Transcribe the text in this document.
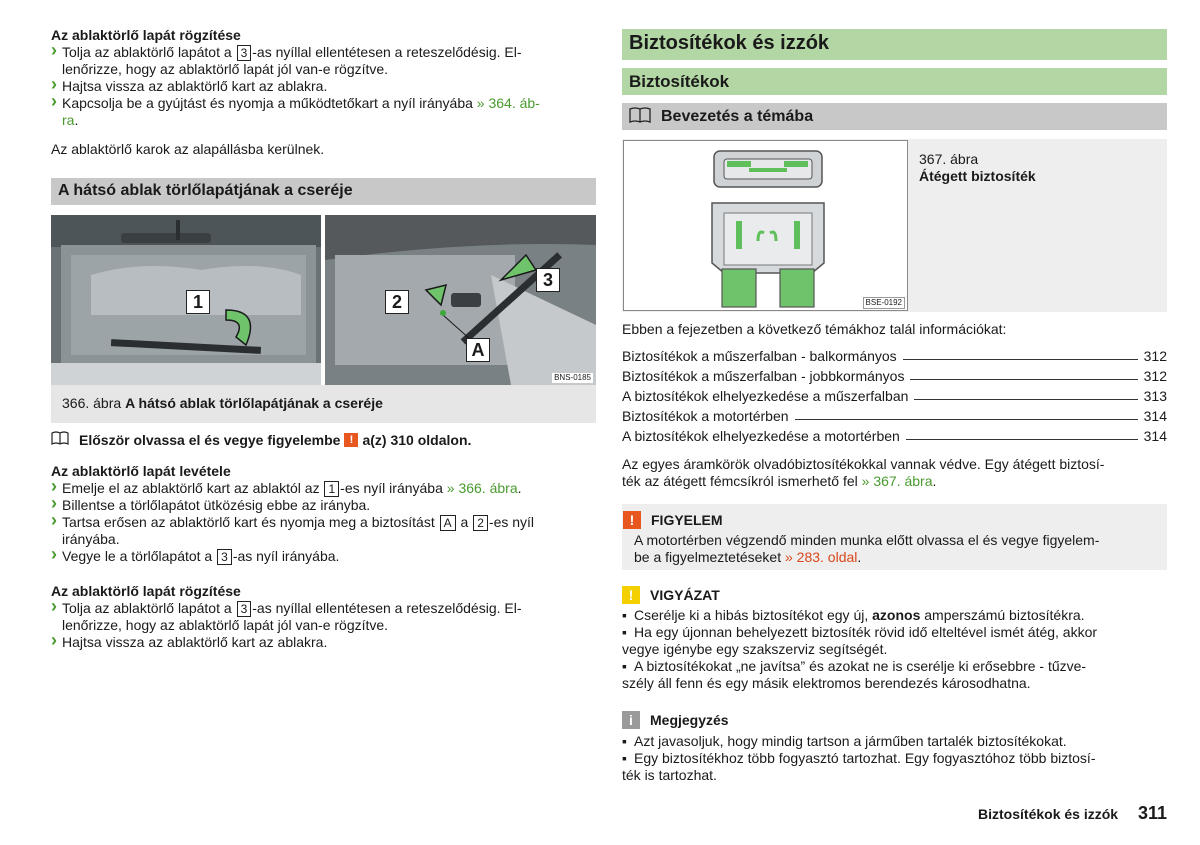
Az ablaktörlő lapát rögzítése
› Tolja az ablaktörlő lapátot a 3 -as nyíllal ellentétesen a reteszelődésig. El-
lenőrizze, hogy az ablaktörlő lapát jól van-e rögzítve.
› Hajtsa vissza az ablaktörlő kart az ablakra.
› Kapcsolja be a gyújtást és nyomja a működtetőkart a nyíl irányába » 364. áb-
ra.
Az ablaktörlő karok az alapállásba kerülnek.
A hátsó ablak törlőlapátjának a cseréje
1	2
3
A
BNS-0185
366. ábra A hátsó ablak törlőlapátjának a cseréje
Először olvassa el és vegye figyelembe ! a(z) 310 oldalon.
Az ablaktörlő lapát levétele
› Emelje el az ablaktörlő kart az ablaktól az 1 -es nyíl irányába » 366. ábra.
› Billentse a törlőlapátot ütközésig ebbe az irányba.
› Tartsa erősen az ablaktörlő kart és nyomja meg a biztosítást A a 2 -es nyíl
irányába.
› Vegye le a törlőlapátot a 3 -as nyíl irányába.
Az ablaktörlő lapát rögzítése
› Tolja az ablaktörlő lapátot a 3 -as nyíllal ellentétesen a reteszelődésig. El-
lenőrizze, hogy az ablaktörlő lapát jól van-e rögzítve.
› Hajtsa vissza az ablaktörlő kart az ablakra.
Biztosítékok és izzók
Biztosítékok
Bevezetés a témába
BSE-0192
367. ábra
Átégett biztosíték
Ebben a fejezetben a következő témákhoz talál információkat:
Biztosítékok a műszerfalban - balkormányos	312
Biztosítékok a műszerfalban - jobbkormányos	312
A biztosítékok elhelyezkedése a műszerfalban	313
Biztosítékok a motortérben	314
A biztosítékok elhelyezkedése a motortérben	314
Az egyes áramkörök olvadóbiztosítékokkal vannak védve. Egy átégett biztosí-
ték az átégett fémcsíkról ismerhető fel » 367. ábra.
!	FIGYELEM
A motortérben végzendő minden munka előtt olvassa el és vegye figyelem-
be a figyelmeztetéseket » 283. oldal.
!	VIGYÁZAT
▪ Cserélje ki a hibás biztosítékot egy új, azonos amperszámú biztosítékra.
▪ Ha egy újonnan behelyezett biztosíték rövid idő elteltével ismét átég, akkor
vegye igénybe egy szakszerviz segítségét.
▪ A biztosítékokat „ne javítsa” és azokat ne is cserélje ki erősebbre - tűzve-
szély áll fenn és egy másik elektromos berendezés károsodhatna.
i	Megjegyzés
▪ Azt javasoljuk, hogy mindig tartson a járműben tartalék biztosítékokat.
▪ Egy biztosítékhoz több fogyasztó tartozhat. Egy fogyasztóhoz több biztosí-
ték is tartozhat.
Biztosítékok és izzók 311
